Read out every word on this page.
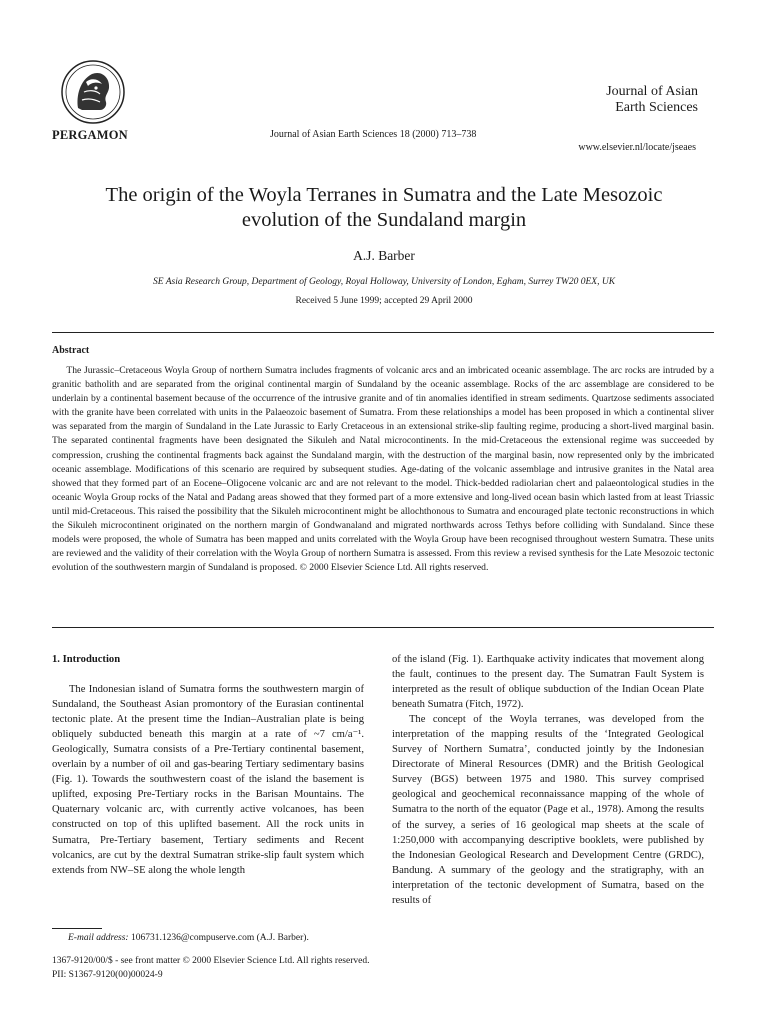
PERGAMON	Journal of Asian Earth Sciences 18 (2000) 713–738
Journal of Asian
Earth Sciences
www.elsevier.nl/locate/jseaes
The origin of the Woyla Terranes in Sumatra and the Late Mesozoic
evolution of the Sundaland margin
A.J. Barber
SE Asia Research Group, Department of Geology, Royal Holloway, University of London, Egham, Surrey TW20 0EX, UK
Received 5 June 1999; accepted 29 April 2000
Abstract
The Jurassic–Cretaceous Woyla Group of northern Sumatra includes fragments of volcanic arcs and an imbricated oceanic assemblage. The arc rocks are intruded by a granitic batholith and are separated from the original continental margin of Sundaland by the oceanic assemblage. Rocks of the arc assemblage are considered to be underlain by a continental basement because of the occurrence of the intrusive granite and of tin anomalies identified in stream sediments. Quartzose sediments associated with the granite have been correlated with units in the Palaeozoic basement of Sumatra. From these relationships a model has been proposed in which a continental sliver was separated from the margin of Sundaland in the Late Jurassic to Early Cretaceous in an extensional strike-slip faulting regime, producing a short-lived marginal basin. The separated continental fragments have been designated the Sikuleh and Natal microcontinents. In the mid-Cretaceous the extensional regime was succeeded by compression, crushing the continental fragments back against the Sundaland margin, with the destruction of the marginal basin, now represented only by the imbricated oceanic assemblage. Modifications of this scenario are required by subsequent studies. Age-dating of the volcanic assemblage and intrusive granites in the Natal area showed that they formed part of an Eocene–Oligocene volcanic arc and are not relevant to the model. Thick-bedded radiolarian chert and palaeontological studies in the oceanic Woyla Group rocks of the Natal and Padang areas showed that they formed part of a more extensive and long-lived ocean basin which lasted from at least Triassic until mid-Cretaceous. This raised the possibility that the Sikuleh microcontinent might be allochthonous to Sumatra and encouraged plate tectonic reconstructions in which the Sikuleh microcontinent originated on the northern margin of Gondwanaland and migrated northwards across Tethys before colliding with Sundaland. Since these models were proposed, the whole of Sumatra has been mapped and units correlated with the Woyla Group have been recognised throughout western Sumatra. These units are reviewed and the validity of their correlation with the Woyla Group of northern Sumatra is assessed. From this review a revised synthesis for the Late Mesozoic tectonic evolution of the southwestern margin of Sundaland is proposed. © 2000 Elsevier Science Ltd. All rights reserved.

1. Introduction

The Indonesian island of Sumatra forms the southwestern margin of Sundaland, the Southeast Asian promontory of the Eurasian continental tectonic plate. At the present time the Indian–Australian plate is being obliquely subducted beneath this margin at a rate of ~7 cm/a⁻¹. Geologically, Sumatra consists of a Pre-Tertiary continental basement, overlain by a number of oil and gas-bearing Tertiary sedimentary basins (Fig. 1). Towards the southwestern coast of the island the basement is uplifted, exposing Pre-Tertiary rocks in the Barisan Mountains. The Quaternary volcanic arc, with currently active volcanoes, has been constructed on top of this uplifted basement. All the rock units in Sumatra, Pre-Tertiary basement, Tertiary sediments and Recent volcanics, are cut by the dextral Sumatran strike-slip fault system which extends from NW–SE along the whole length

of the island (Fig. 1). Earthquake activity indicates that movement along the fault, continues to the present day. The Sumatran Fault System is interpreted as the result of oblique subduction of the Indian Ocean Plate beneath Sumatra (Fitch, 1972).

The concept of the Woyla terranes, was developed from the interpretation of the mapping results of the ‘Integrated Geological Survey of Northern Sumatra’, conducted jointly by the Indonesian Directorate of Mineral Resources (DMR) and the British Geological Survey (BGS) between 1975 and 1980. This survey comprised geological and geochemical reconnaissance mapping of the whole of Sumatra to the north of the equator (Page et al., 1978). Among the results of the survey, a series of 16 geological map sheets at the scale of 1:250,000 with accompanying descriptive booklets, were published by the Indonesian Geological Research and Development Centre (GRDC), Bandung. A summary of the geology and the stratigraphy, with an interpretation of the tectonic development of Sumatra, based on the results of

E-mail address: 106731.1236@compuserve.com (A.J. Barber).
1367-9120/00/$ - see front matter © 2000 Elsevier Science Ltd. All rights reserved.
PII: S1367-9120(00)00024-9
